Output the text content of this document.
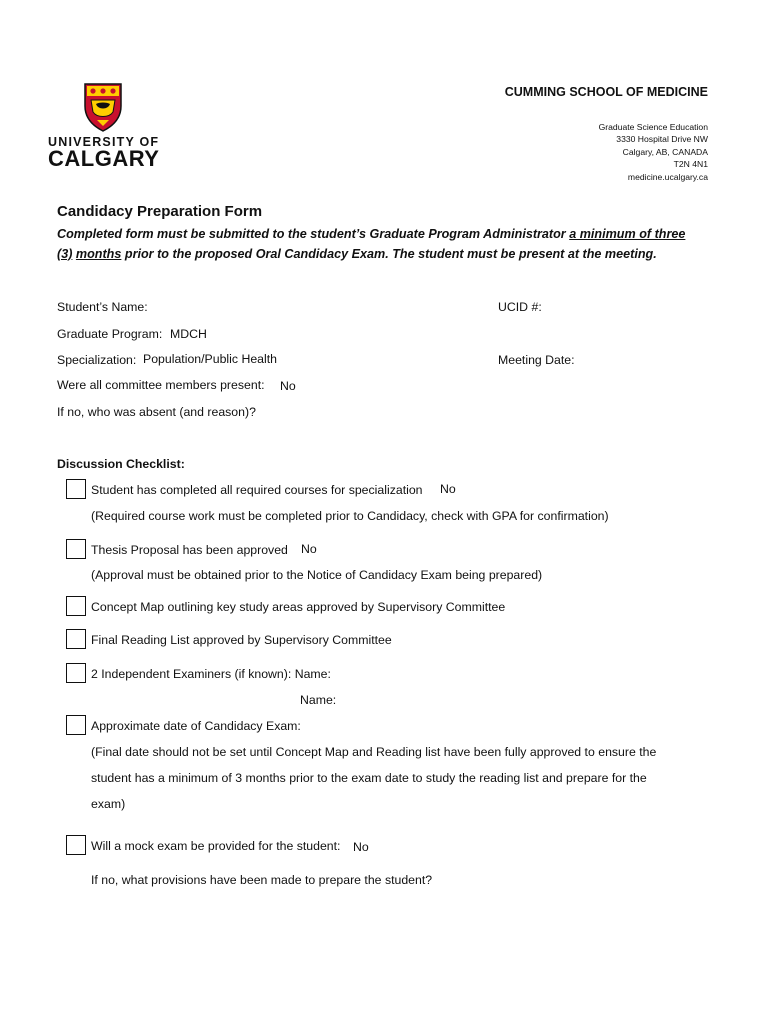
UNIVERSITY OF
CALGARY
CUMMING SCHOOL OF MEDICINE
Graduate Science Education
3330 Hospital Drive NW
Calgary, AB, CANADA
T2N 4N1
medicine.ucalgary.ca
Candidacy Preparation Form
Completed form must be submitted to the student’s Graduate Program Administrator a minimum of three (3) months prior to the proposed Oral Candidacy Exam. The student must be present at the meeting.
Student’s Name:	UCID #:
Graduate Program: MDCH
Specialization: Population/Public Health	Meeting Date:
Were all committee members present: No
If no, who was absent (and reason)?
Discussion Checklist:
Student has completed all required courses for specialization No
(Required course work must be completed prior to Candidacy, check with GPA for confirmation)
Thesis Proposal has been approved No
(Approval must be obtained prior to the Notice of Candidacy Exam being prepared)
Concept Map outlining key study areas approved by Supervisory Committee
Final Reading List approved by Supervisory Committee
2 Independent Examiners (if known): Name:
Name:
Approximate date of Candidacy Exam:
(Final date should not be set until Concept Map and Reading list have been fully approved to ensure the
student has a minimum of 3 months prior to the exam date to study the reading list and prepare for the
exam)
Will a mock exam be provided for the student: No
If no, what provisions have been made to prepare the student?
